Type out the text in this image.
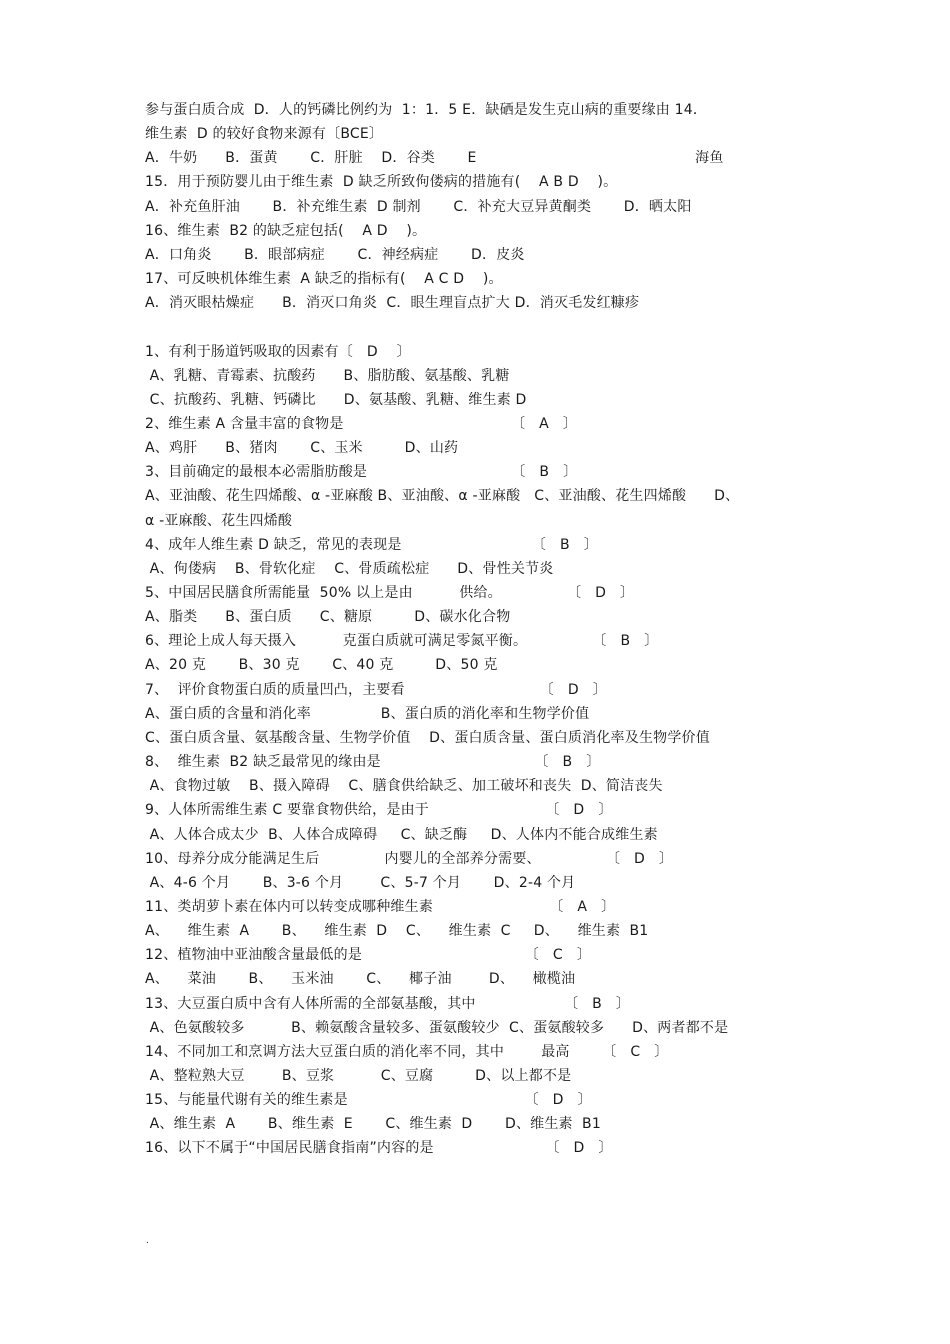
参与蛋白质合成  D．人的钙磷比例约为  1：1．5 E．缺硒是发生克山病的重要缘由 14．
维生素  D 的较好食物来源有〔BCE〕
A．牛奶      B．蛋黄       C．肝脏    D．谷类       E                                               海鱼
15．用于预防婴儿由于维生素  D 缺乏所致佝偻病的措施有(    A B D    )。
A．补充鱼肝油       B．补充维生素  D 制剂       C．补充大豆异黄酮类       D．晒太阳
16、维生素  B2 的缺乏症包括(    A D    )。
A．口角炎       B．眼部病症       C．神经病症       D．皮炎
17、可反映机体维生素  A 缺乏的指标有(    A C D    )。
A．消灭眼枯燥症      B．消灭口角炎  C．眼生理盲点扩大 D．消灭毛发红糠疹
1、有利于肠道钙吸取的因素有〔   D    〕
A、乳糖、青霉素、抗酸药      B、脂肪酸、氨基酸、乳糖
C、抗酸药、乳糖、钙磷比      D、氨基酸、乳糖、维生素 D
2、维生素 A 含量丰富的食物是                                    〔   A   〕
A、鸡肝      B、猪肉       C、玉米         D、山药
3、目前确定的最根本必需脂肪酸是                               〔   B   〕
A、亚油酸、花生四烯酸、α -亚麻酸 B、亚油酸、α -亚麻酸   C、亚油酸、花生四烯酸      D、
α -亚麻酸、花生四烯酸
4、成年人维生素 D 缺乏，常见的表现是                            〔   B   〕
A、佝偻病    B、骨软化症    C、骨质疏松症      D、骨性关节炎
5、中国居民膳食所需能量  50% 以上是由          供给。              〔   D   〕
A、脂类      B、蛋白质      C、糖原         D、碳水化合物
6、理论上成人每天摄入          克蛋白质就可满足零氮平衡。              〔   B   〕
A、20 克       B、30 克       C、40 克         D、50 克
7、  评价食物蛋白质的质量凹凸，主要看                             〔   D   〕
A、蛋白质的含量和消化率               B、蛋白质的消化率和生物学价值
C、蛋白质含量、氨基酸含量、生物学价值    D、蛋白质含量、蛋白质消化率及生物学价值
8、  维生素  B2 缺乏最常见的缘由是                                 〔   B   〕
A、食物过敏    B、摄入障碍    C、膳食供给缺乏、加工破坏和丧失  D、简洁丧失
9、人体所需维生素 C 要靠食物供给，是由于                         〔   D   〕
A、人体合成太少  B、人体合成障碍     C、缺乏酶     D、人体内不能合成维生素
10、母养分成分能满足生后              内婴儿的全部养分需要、              〔   D   〕
A、4-6 个月       B、3-6 个月        C、5-7 个月       D、2-4 个月
11、类胡萝卜素在体内可以转变成哪种维生素                         〔   A   〕
A、    维生素  A       B、    维生素  D    C、    维生素  C     D、    维生素  B1
12、植物油中亚油酸含量最低的是                                   〔   C   〕
A、    菜油       B、    玉米油       C、    椰子油        D、    橄榄油
13、大豆蛋白质中含有人体所需的全部氨基酸，其中                   〔   B   〕
A、色氨酸较多          B、赖氨酸含量较多、蛋氨酸较少  C、蛋氨酸较多      D、两者都不是
14、不同加工和烹调方法大豆蛋白质的消化率不同，其中        最高       〔   C   〕
A、整粒熟大豆        B、豆浆          C、豆腐         D、以上都不是
15、与能量代谢有关的维生素是                                      〔   D   〕
A、维生素  A       B、维生素  E       C、维生素  D       D、维生素  B1
16、以下不属于“中国居民膳食指南”内容的是                        〔   D   〕
.
